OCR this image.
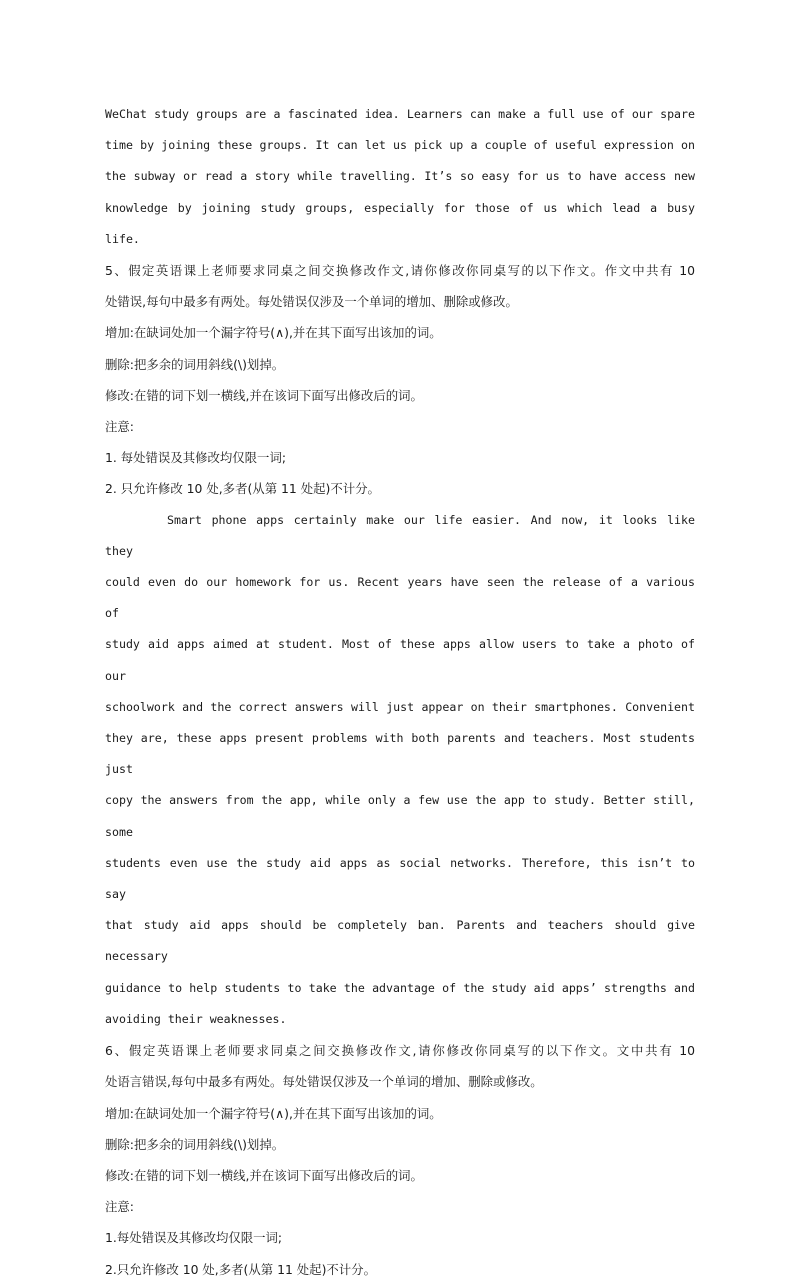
WeChat study groups are a fascinated idea. Learners can make a full use of our spare

time by joining these groups. It can let us pick up a couple of useful expression on

the subway or read a story while travelling. It’s so easy for us to have access new

knowledge by joining study groups, especially for those of us which lead a busy life.

5、假定英语课上老师要求同桌之间交换修改作文,请你修改你同桌写的以下作文。作文中共有 10

处错误,每句中最多有两处。每处错误仅涉及一个单词的增加、删除或修改。

增加:在缺词处加一个漏字符号(∧),并在其下面写出该加的词。

删除:把多余的词用斜线(\)划掉。

修改:在错的词下划一横线,并在该词下面写出修改后的词。

注意:

1. 每处错误及其修改均仅限一词;

2. 只允许修改 10 处,多者(从第 11 处起)不计分。

Smart phone apps certainly make our life easier. And now, it looks like they

could even do our homework for us. Recent years have seen the release of a various of

study aid apps aimed at student. Most of these apps allow users to take a photo of our

schoolwork and the correct answers will just appear on their smartphones. Convenient

they are, these apps present problems with both parents and teachers. Most students just

copy the answers from the app, while only a few use the app to study. Better still, some

students even use the study aid apps as social networks. Therefore, this isn’t to say

that study aid apps should be completely ban. Parents and teachers should give necessary

guidance to help students to take the advantage of the study aid apps’ strengths and

avoiding their weaknesses.

6、假定英语课上老师要求同桌之间交换修改作文,请你修改你同桌写的以下作文。文中共有 10

处语言错误,每句中最多有两处。每处错误仅涉及一个单词的增加、删除或修改。

增加:在缺词处加一个漏字符号(∧),并在其下面写出该加的词。

删除:把多余的词用斜线(\)划掉。

修改:在错的词下划一横线,并在该词下面写出修改后的词。

注意:

1.每处错误及其修改均仅限一词;

2.只允许修改 10 处,多者(从第 11 处起)不计分。
